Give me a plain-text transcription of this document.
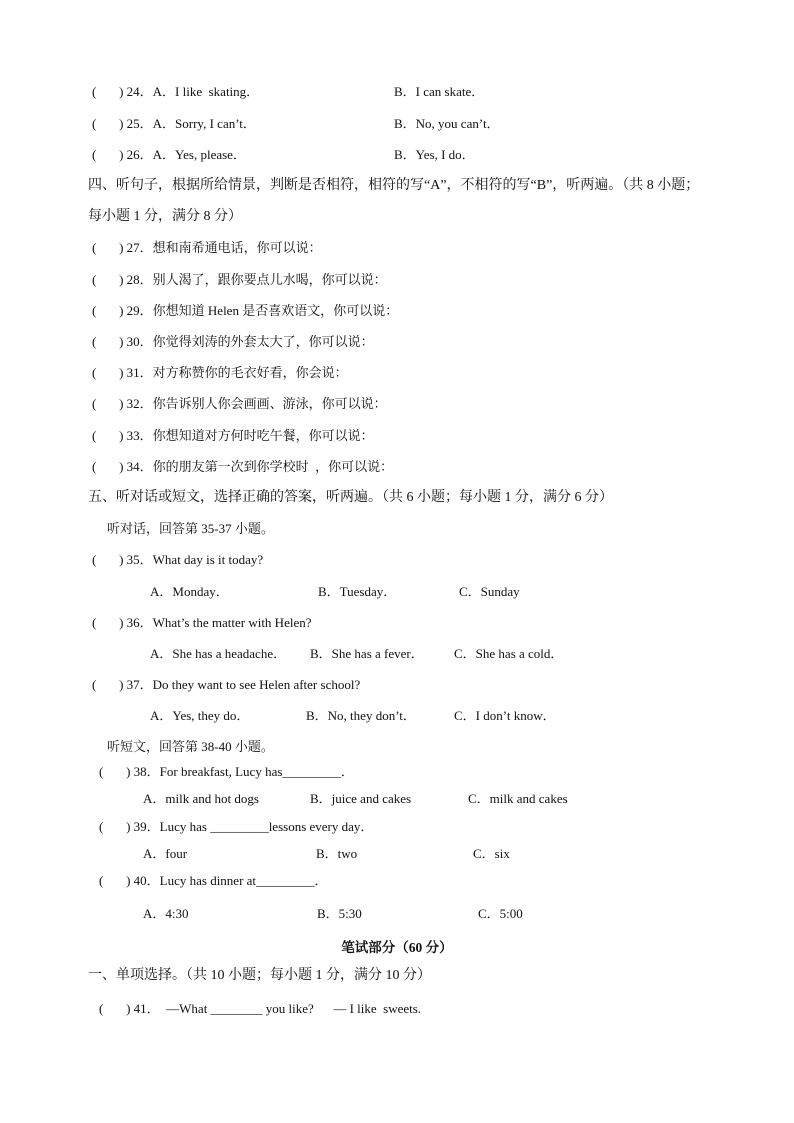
(       ) 24．A．I like  skating．	B．I can skate．
(       ) 25．A．Sorry, I can’t．	B．No, you can’t．
(       ) 26．A．Yes, please．	B．Yes, I do．
四、听句子，根据所给情景，判断是否相符，相符的写“A”，不相符的写“B”，听两遍。（共 8 小题；
每小题 1 分，满分 8 分）
(       ) 27．想和南希通电话，你可以说：
(       ) 28．别人渴了，跟你要点儿水喝，你可以说：
(       ) 29．你想知道 Helen 是否喜欢语文，你可以说：
(       ) 30．你觉得刘涛的外套太大了，你可以说：
(       ) 31．对方称赞你的毛衣好看，你会说：
(       ) 32．你告诉别人你会画画、游泳，你可以说：
(       ) 33．你想知道对方何时吃午餐，你可以说：
(       ) 34．你的朋友第一次到你学校时  ，你可以说：
五、听对话或短文，选择正确的答案，听两遍。（共 6 小题；每小题 1 分，满分 6 分）
听对话，回答第 35-37 小题。
(       ) 35．What day is it today?
A．Monday．	B．Tuesday．	C．Sunday
(       ) 36．What’s the matter with Helen?
A．She has a headache． B．She has a fever． C．She has a cold．
(       ) 37．Do they want to see Helen after school?
A．Yes, they do．	B．No, they don’t．	C．I don’t know．
听短文，回答第 38-40 小题。
(       ) 38．For breakfast, Lucy has_________．
A．milk and hot dogs	B．juice and cakes	C．milk and cakes
(       ) 39．Lucy has _________lessons every day．
A．four	B．two	C．six
(       ) 40．Lucy has dinner at_________．
A．4:30	B．5:30	C．5:00
笔试部分（60 分）
一、单项选择。（共 10 小题；每小题 1 分，满分 10 分）
(       ) 41．  —What ________ you like?      — I like  sweets.
